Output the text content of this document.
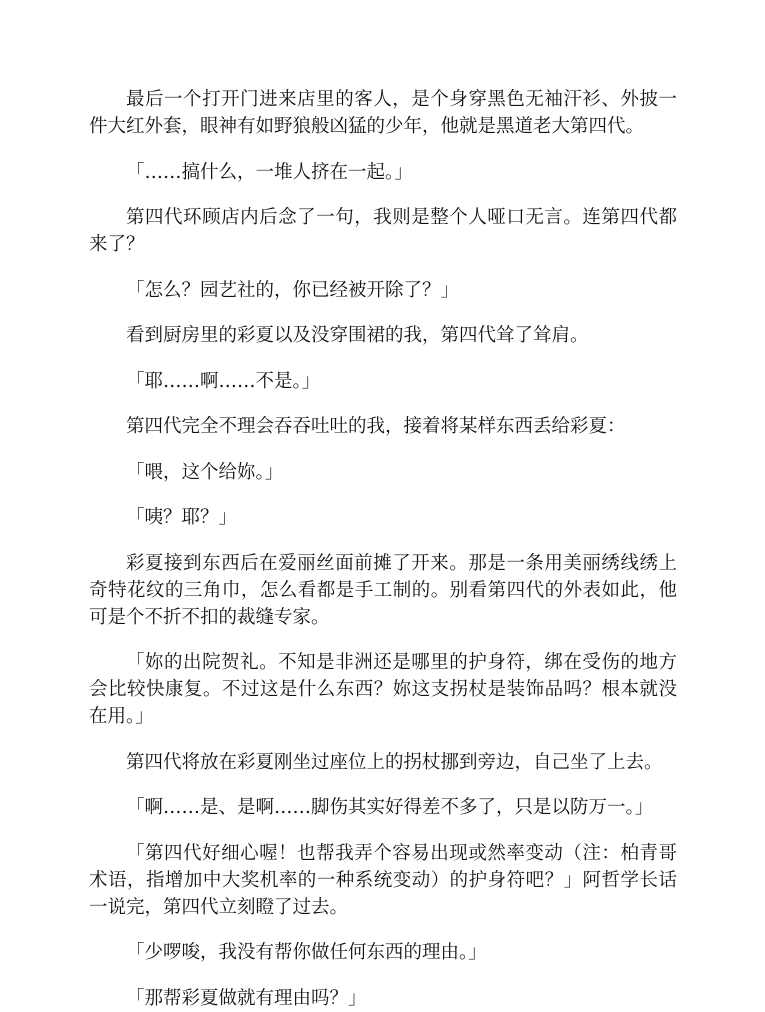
最后一个打开门进来店里的客人，是个身穿黑色无袖汗衫、外披一件大红外套，眼神有如野狼般凶猛的少年，他就是黑道老大第四代。

「……搞什么，一堆人挤在一起。」

第四代环顾店内后念了一句，我则是整个人哑口无言。连第四代都来了？

「怎么？园艺社的，你已经被开除了？」

看到厨房里的彩夏以及没穿围裙的我，第四代耸了耸肩。

「耶……啊……不是。」

第四代完全不理会吞吞吐吐的我，接着将某样东西丢给彩夏：

「喂，这个给妳。」

「咦？耶？」

彩夏接到东西后在爱丽丝面前摊了开来。那是一条用美丽绣线绣上奇特花纹的三角巾，怎么看都是手工制的。别看第四代的外表如此，他可是个不折不扣的裁缝专家。

「妳的出院贺礼。不知是非洲还是哪里的护身符，绑在受伤的地方会比较快康复。不过这是什么东西？妳这支拐杖是装饰品吗？根本就没在用。」

第四代将放在彩夏刚坐过座位上的拐杖挪到旁边，自己坐了上去。

「啊……是、是啊……脚伤其实好得差不多了，只是以防万一。」

「第四代好细心喔！也帮我弄个容易出现或然率变动（注：柏青哥术语，指增加中大奖机率的一种系统变动）的护身符吧？」阿哲学长话一说完，第四代立刻瞪了过去。

「少啰唆，我没有帮你做任何东西的理由。」

「那帮彩夏做就有理由吗？」
